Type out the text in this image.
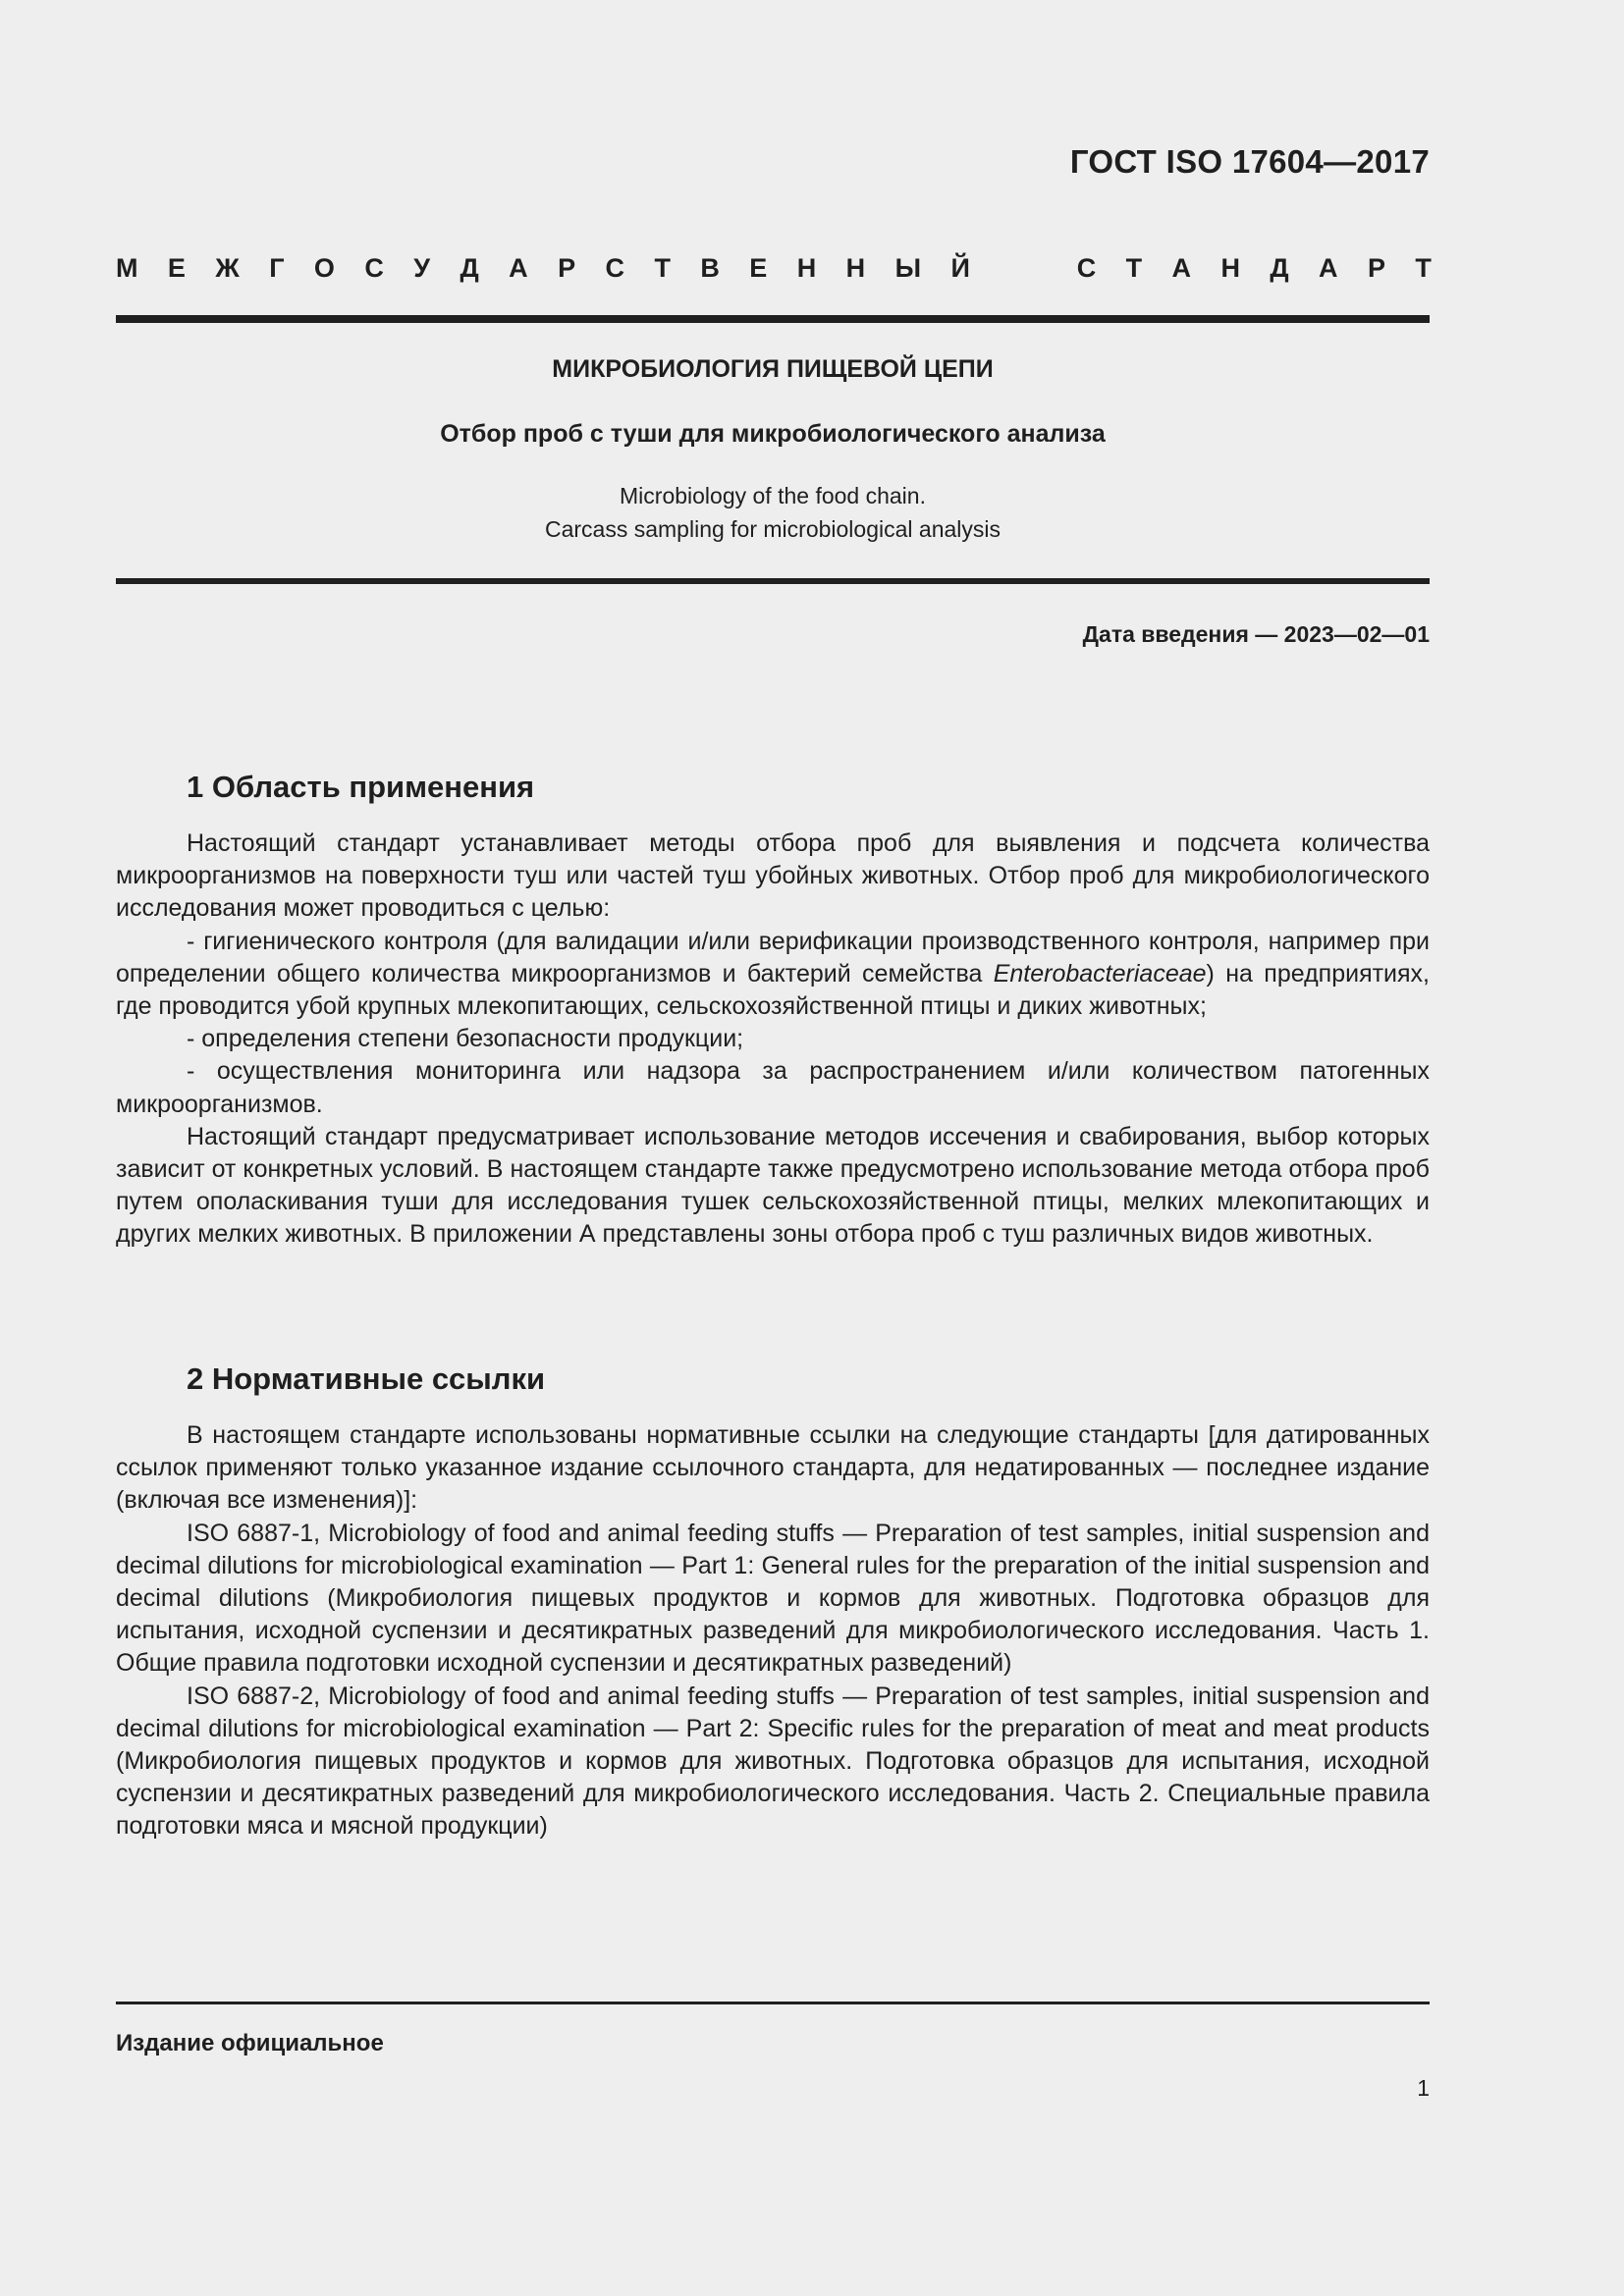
ГОСТ ISO 17604—2017
М Е Ж Г О С У Д А Р С Т В Е Н Н Ы Й	С Т А Н Д А Р Т
МИКРОБИОЛОГИЯ ПИЩЕВОЙ ЦЕПИ
Отбор проб с туши для микробиологического анализа
Microbiology of the food chain.
Carcass sampling for microbiological analysis
Дата введения — 2023—02—01
1 Область применения

Настоящий стандарт устанавливает методы отбора проб для выявления и подсчета количества микроорганизмов на поверхности туш или частей туш убойных животных. Отбор проб для микробиологического исследования может проводиться с целью:

- гигиенического контроля (для валидации и/или верификации производственного контроля, например при определении общего количества микроорганизмов и бактерий семейства Enterobacteriaceae) на предприятиях, где проводится убой крупных млекопитающих, сельскохозяйственной птицы и диких животных;

- определения степени безопасности продукции;

- осуществления мониторинга или надзора за распространением и/или количеством патогенных микроорганизмов.

Настоящий стандарт предусматривает использование методов иссечения и свабирования, выбор которых зависит от конкретных условий. В настоящем стандарте также предусмотрено использование метода отбора проб путем ополаскивания туши для исследования тушек сельскохозяйственной птицы, мелких млекопитающих и других мелких животных. В приложении А представлены зоны отбора проб с туш различных видов животных.

2 Нормативные ссылки

В настоящем стандарте использованы нормативные ссылки на следующие стандарты [для датированных ссылок применяют только указанное издание ссылочного стандарта, для недатированных — последнее издание (включая все изменения)]:

ISO 6887-1, Microbiology of food and animal feeding stuffs — Preparation of test samples, initial suspension and decimal dilutions for microbiological examination — Part 1: General rules for the preparation of the initial suspension and decimal dilutions (Микробиология пищевых продуктов и кормов для животных. Подготовка образцов для испытания, исходной суспензии и десятикратных разведений для микробиологического исследования. Часть 1. Общие правила подготовки исходной суспензии и десятикратных разведений)

ISO 6887-2, Microbiology of food and animal feeding stuffs — Preparation of test samples, initial suspension and decimal dilutions for microbiological examination — Part 2: Specific rules for the preparation of meat and meat products (Микробиология пищевых продуктов и кормов для животных. Подготовка образцов для испытания, исходной суспензии и десятикратных разведений для микробиологического исследования. Часть 2. Специальные правила подготовки мяса и мясной продукции)

Издание официальное
1
